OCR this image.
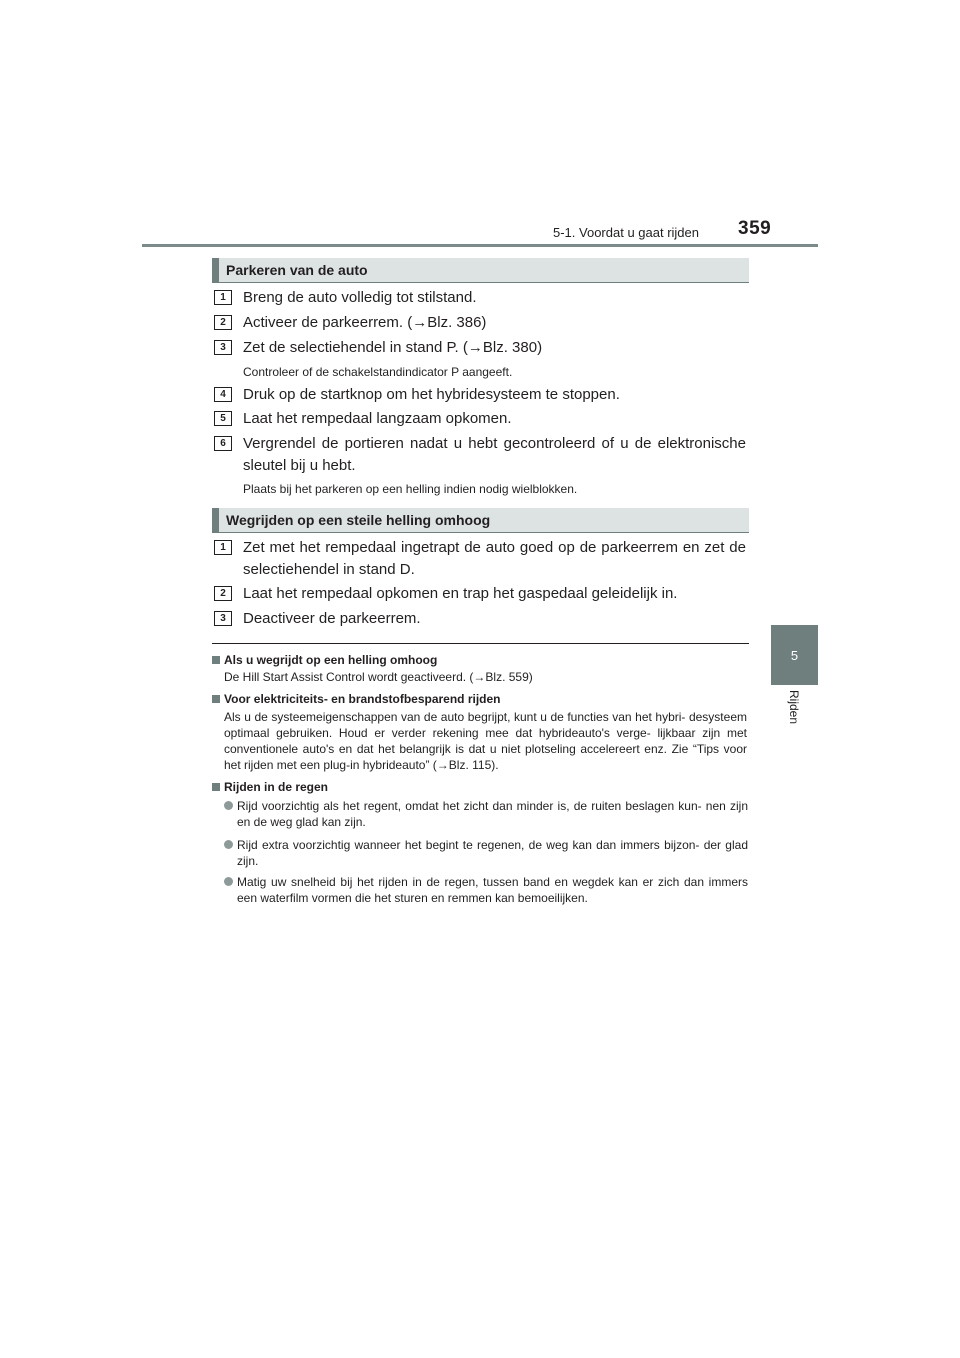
5-1. Voordat u gaat rijden 359
5
Rijden
Parkeren van de auto
1	Breng de auto volledig tot stilstand.
2	Activeer de parkeerrem. (→Blz. 386)
3	Zet de selectiehendel in stand P. (→Blz. 380)
Controleer of de schakelstandindicator P aangeeft.
4	Druk op de startknop om het hybridesysteem te stoppen.
5	Laat het rempedaal langzaam opkomen.
6	Vergrendel de portieren nadat u hebt gecontroleerd of u de elektronische sleutel bij u hebt.
Plaats bij het parkeren op een helling indien nodig wielblokken.
Wegrijden op een steile helling omhoog
1	Zet met het rempedaal ingetrapt de auto goed op de parkeerrem en zet de selectiehendel in stand D.
2	Laat het rempedaal opkomen en trap het gaspedaal geleidelijk in.
3	Deactiveer de parkeerrem.
Als u wegrijdt op een helling omhoog
De Hill Start Assist Control wordt geactiveerd. (→Blz. 559)
Voor elektriciteits- en brandstofbesparend rijden
Als u de systeemeigenschappen van de auto begrijpt, kunt u de functies van het hybri- desysteem optimaal gebruiken. Houd er verder rekening mee dat hybrideauto's verge- lijkbaar zijn met conventionele auto's en dat het belangrijk is dat u niet plotseling accelereert enz. Zie “Tips voor het rijden met een plug-in hybrideauto” (→Blz. 115).
Rijden in de regen
Rijd voorzichtig als het regent, omdat het zicht dan minder is, de ruiten beslagen kun- nen zijn en de weg glad kan zijn.
Rijd extra voorzichtig wanneer het begint te regenen, de weg kan dan immers bijzon- der glad zijn.
Matig uw snelheid bij het rijden in de regen, tussen band en wegdek kan er zich dan immers een waterfilm vormen die het sturen en remmen kan bemoeilijken.
